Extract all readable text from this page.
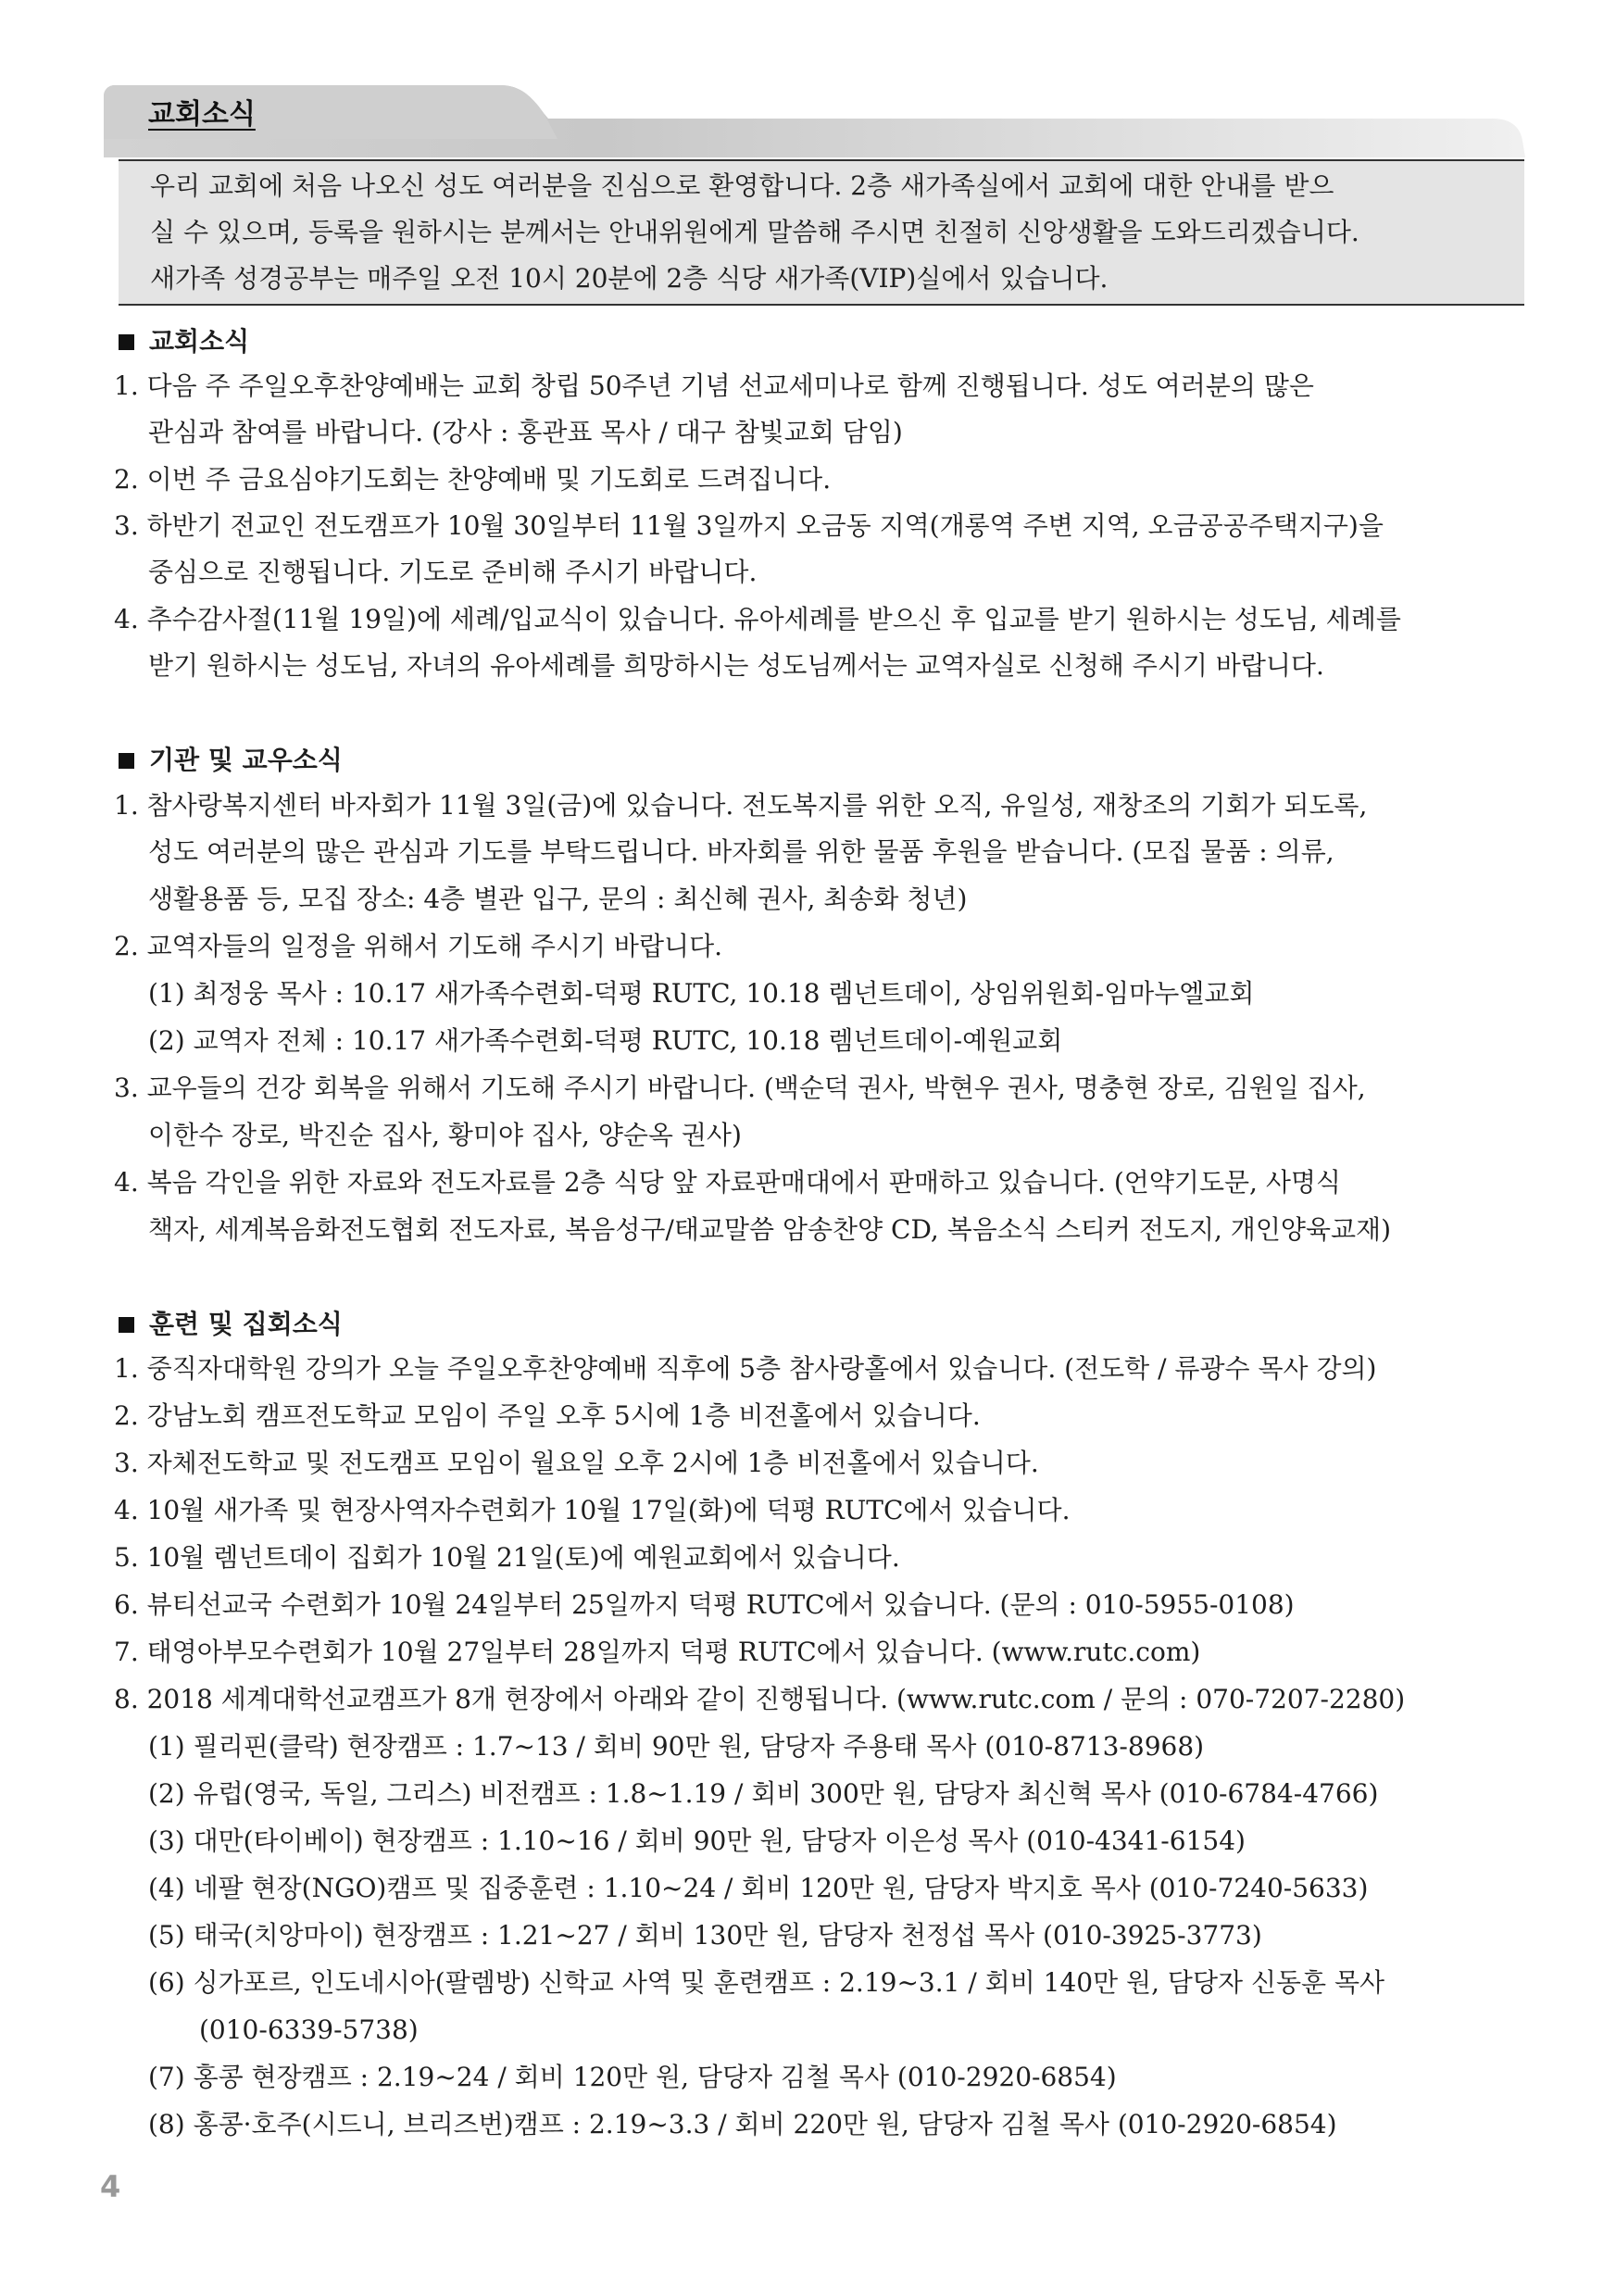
교회소식
우리 교회에 처음 나오신 성도 여러분을 진심으로 환영합니다. 2층 새가족실에서 교회에 대한 안내를 받으
실 수 있으며, 등록을 원하시는 분께서는 안내위원에게 말씀해 주시면 친절히 신앙생활을 도와드리겠습니다.
새가족 성경공부는 매주일 오전 10시 20분에 2층 식당 새가족(VIP)실에서 있습니다.
교회소식
1. 다음 주 주일오후찬양예배는 교회 창립 50주년 기념 선교세미나로 함께 진행됩니다. 성도 여러분의 많은
관심과 참여를 바랍니다. (강사 : 홍관표 목사 / 대구 참빛교회 담임)
2. 이번 주 금요심야기도회는 찬양예배 및 기도회로 드려집니다.
3. 하반기 전교인 전도캠프가 10월 30일부터 11월 3일까지 오금동 지역(개롱역 주변 지역, 오금공공주택지구)을
중심으로 진행됩니다. 기도로 준비해 주시기 바랍니다.
4. 추수감사절(11월 19일)에 세례/입교식이 있습니다. 유아세례를 받으신 후 입교를 받기 원하시는 성도님, 세례를
받기 원하시는 성도님, 자녀의 유아세례를 희망하시는 성도님께서는 교역자실로 신청해 주시기 바랍니다.
기관 및 교우소식
1. 참사랑복지센터 바자회가 11월 3일(금)에 있습니다. 전도복지를 위한 오직, 유일성, 재창조의 기회가 되도록,
성도 여러분의 많은 관심과 기도를 부탁드립니다. 바자회를 위한 물품 후원을 받습니다. (모집 물품 : 의류,
생활용품 등, 모집 장소: 4층 별관 입구, 문의 : 최신혜 권사, 최송화 청년)
2. 교역자들의 일정을 위해서 기도해 주시기 바랍니다.
(1) 최정웅 목사 : 10.17 새가족수련회-덕평 RUTC, 10.18 렘넌트데이, 상임위원회-임마누엘교회
(2) 교역자 전체 : 10.17 새가족수련회-덕평 RUTC, 10.18 렘넌트데이-예원교회
3. 교우들의 건강 회복을 위해서 기도해 주시기 바랍니다. (백순덕 권사, 박현우 권사, 명충현 장로, 김원일 집사,
이한수 장로, 박진순 집사, 황미야 집사, 양순옥 권사)
4. 복음 각인을 위한 자료와 전도자료를 2층 식당 앞 자료판매대에서 판매하고 있습니다. (언약기도문, 사명식
책자, 세계복음화전도협회 전도자료, 복음성구/태교말씀 암송찬양 CD, 복음소식 스티커 전도지, 개인양육교재)
훈련 및 집회소식
1. 중직자대학원 강의가 오늘 주일오후찬양예배 직후에 5층 참사랑홀에서 있습니다. (전도학 / 류광수 목사 강의)
2. 강남노회 캠프전도학교 모임이 주일 오후 5시에 1층 비전홀에서 있습니다.
3. 자체전도학교 및 전도캠프 모임이 월요일 오후 2시에 1층 비전홀에서 있습니다.
4. 10월 새가족 및 현장사역자수련회가 10월 17일(화)에 덕평 RUTC에서 있습니다.
5. 10월 렘넌트데이 집회가 10월 21일(토)에 예원교회에서 있습니다.
6. 뷰티선교국 수련회가 10월 24일부터 25일까지 덕평 RUTC에서 있습니다. (문의 : 010-5955-0108)
7. 태영아부모수련회가 10월 27일부터 28일까지 덕평 RUTC에서 있습니다. (www.rutc.com)
8. 2018 세계대학선교캠프가 8개 현장에서 아래와 같이 진행됩니다. (www.rutc.com / 문의 : 070-7207-2280)
(1) 필리핀(클락) 현장캠프 : 1.7~13 / 회비 90만 원, 담당자 주용태 목사 (010-8713-8968)
(2) 유럽(영국, 독일, 그리스) 비전캠프 : 1.8~1.19 / 회비 300만 원, 담당자 최신혁 목사 (010-6784-4766)
(3) 대만(타이베이) 현장캠프 : 1.10~16 / 회비 90만 원, 담당자 이은성 목사 (010-4341-6154)
(4) 네팔 현장(NGO)캠프 및 집중훈련 : 1.10~24 / 회비 120만 원, 담당자 박지호 목사 (010-7240-5633)
(5) 태국(치앙마이) 현장캠프 : 1.21~27 / 회비 130만 원, 담당자 천정섭 목사 (010-3925-3773)
(6) 싱가포르, 인도네시아(팔렘방) 신학교 사역 및 훈련캠프 : 2.19~3.1 / 회비 140만 원, 담당자 신동훈 목사
(010-6339-5738)
(7) 홍콩 현장캠프 : 2.19~24 / 회비 120만 원, 담당자 김철 목사 (010-2920-6854)
(8) 홍콩·호주(시드니, 브리즈번)캠프 : 2.19~3.3 / 회비 220만 원, 담당자 김철 목사 (010-2920-6854)
4
